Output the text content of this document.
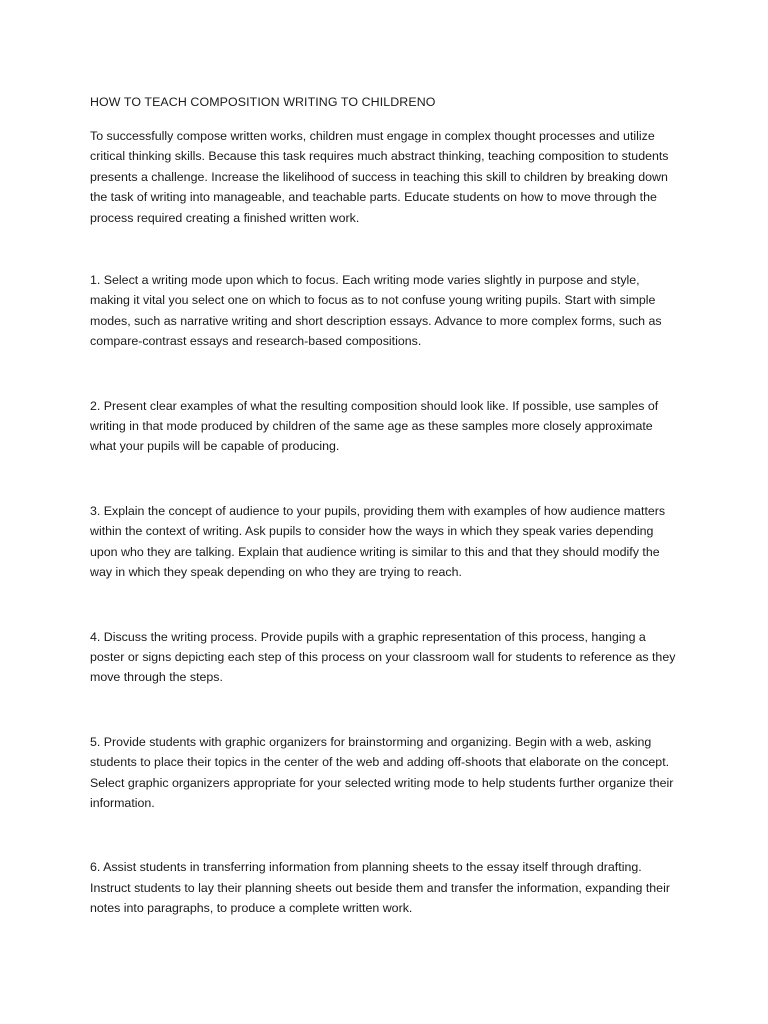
HOW TO TEACH COMPOSITION WRITING TO CHILDRENO

To successfully compose written works, children must engage in complex thought processes and utilize critical thinking skills. Because this task requires much abstract thinking, teaching composition to students presents a challenge. Increase the likelihood of success in teaching this skill to children by breaking down the task of writing into manageable, and teachable parts. Educate students on how to move through the process required creating a finished written work.

1. Select a writing mode upon which to focus. Each writing mode varies slightly in purpose and style, making it vital you select one on which to focus as to not confuse young writing pupils. Start with simple modes, such as narrative writing and short description essays. Advance to more complex forms, such as compare-contrast essays and research-based compositions.

2. Present clear examples of what the resulting composition should look like. If possible, use samples of writing in that mode produced by children of the same age as these samples more closely approximate what your pupils will be capable of producing.

3. Explain the concept of audience to your pupils, providing them with examples of how audience matters within the context of writing. Ask pupils to consider how the ways in which they speak varies depending upon who they are talking. Explain that audience writing is similar to this and that they should modify the way in which they speak depending on who they are trying to reach.

4. Discuss the writing process. Provide pupils with a graphic representation of this process, hanging a poster or signs depicting each step of this process on your classroom wall for students to reference as they move through the steps.

5. Provide students with graphic organizers for brainstorming and organizing. Begin with a web, asking students to place their topics in the center of the web and adding off-shoots that elaborate on the concept. Select graphic organizers appropriate for your selected writing mode to help students further organize their information.

6. Assist students in transferring information from planning sheets to the essay itself through drafting. Instruct students to lay their planning sheets out beside them and transfer the information, expanding their notes into paragraphs, to produce a complete written work.
